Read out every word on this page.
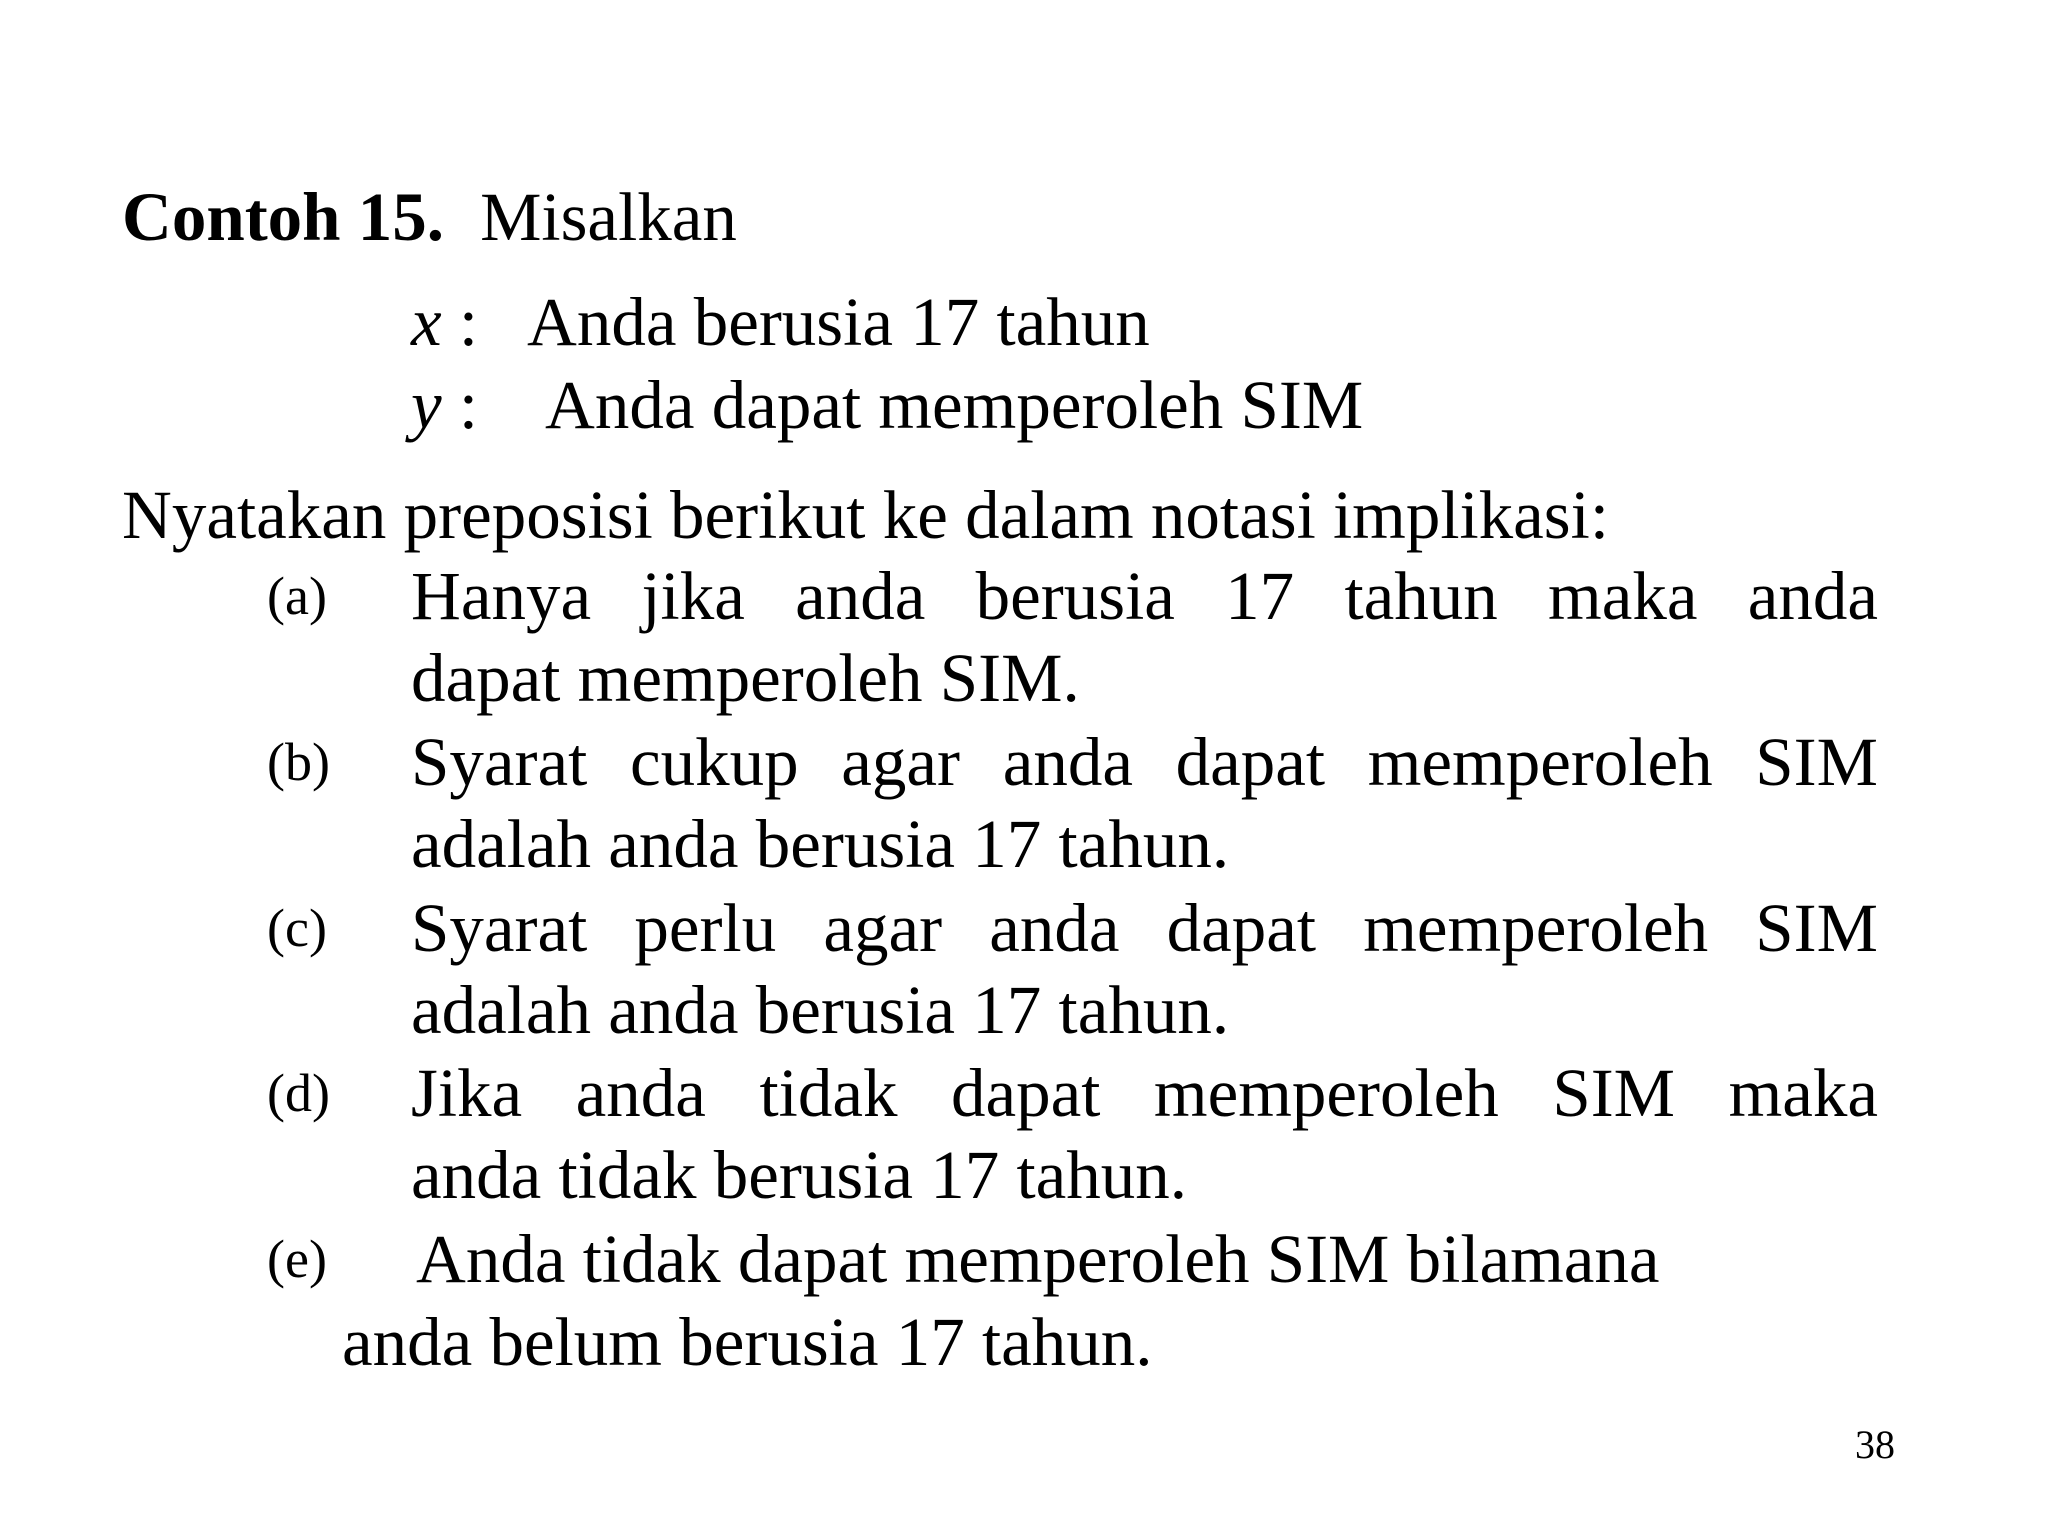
Contoh 15. Misalkan
x : Anda berusia 17 tahun
y : Anda dapat memperoleh SIM
Nyatakan preposisi berikut ke dalam notasi implikasi:
(a) Hanya jika anda berusia 17 tahun maka anda
dapat memperoleh SIM.
(b) Syarat cukup agar anda dapat memperoleh SIM
adalah anda berusia 17 tahun.
(c) Syarat perlu agar anda dapat memperoleh SIM
adalah anda berusia 17 tahun.
(d) Jika anda tidak dapat memperoleh SIM maka
anda tidak berusia 17 tahun.
(e) Anda tidak dapat memperoleh SIM bilamana
anda belum berusia 17 tahun.
38
